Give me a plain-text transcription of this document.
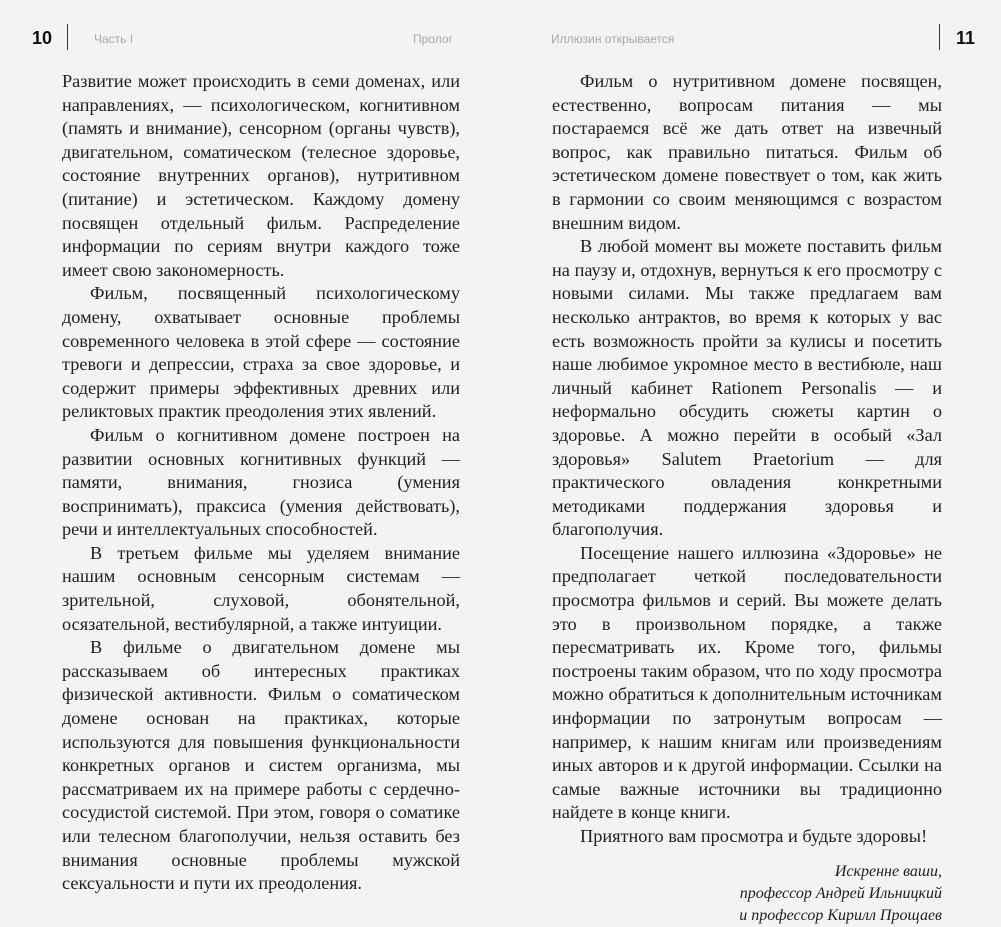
10	Часть I	Пролог	Иллюзин открывается	11

Развитие может происходить в семи доменах, или направлениях, — психологическом, когнитивном (память и внимание), сенсорном (органы чувств), двигательном, соматическом (телесное здоровье, состояние внутренних органов), нутритивном (питание) и эстетическом. Каждому домену посвящен отдельный фильм. Распределение информации по сериям внутри каждого тоже имеет свою закономерность.

Фильм, посвященный психологическому домену, охватывает основные проблемы современного человека в этой сфере — состояние тревоги и депрессии, страха за свое здоровье, и содержит примеры эффективных древних или реликтовых практик преодоления этих явлений.

Фильм о когнитивном домене построен на развитии основных когнитивных функций — памяти, внимания, гнозиса (умения воспринимать), праксиса (умения действовать), речи и интеллектуальных способностей.

В третьем фильме мы уделяем внимание нашим основным сенсорным системам — зрительной, слуховой, обонятельной, осязательной, вестибулярной, а также интуиции.

В фильме о двигательном домене мы рассказываем об интересных практиках физической активности. Фильм о соматическом домене основан на практиках, которые используются для повышения функциональности конкретных органов и систем организма, мы рассматриваем их на примере работы с сердечно-сосудистой системой. При этом, говоря о соматике или телесном благополучии, нельзя оставить без внимания основные проблемы мужской сексуальности и пути их преодоления.

Фильм о нутритивном домене посвящен, естественно, вопросам питания — мы постараемся всё же дать ответ на извечный вопрос, как правильно питаться. Фильм об эстетическом домене повествует о том, как жить в гармонии со своим меняющимся с возрастом внешним видом.

В любой момент вы можете поставить фильм на паузу и, отдохнув, вернуться к его просмотру с новыми силами. Мы также предлагаем вам несколько антрактов, во время к которых у вас есть возможность пройти за кулисы и посетить наше любимое укромное место в вестибюле, наш личный кабинет Rationem Personalis — и неформально обсудить сюжеты картин о здоровье. А можно перейти в особый «Зал здоровья» Salutem Praetorium — для практического овладения конкретными методиками поддержания здоровья и благополучия.

Посещение нашего иллюзина «Здоровье» не предполагает четкой последовательности просмотра фильмов и серий. Вы можете делать это в произвольном порядке, а также пересматривать их. Кроме того, фильмы построены таким образом, что по ходу просмотра можно обратиться к дополнительным источникам информации по затронутым вопросам — например, к нашим книгам или произведениям иных авторов и к другой информации. Ссылки на самые важные источники вы традиционно найдете в конце книги.

Приятного вам просмотра и будьте здоровы!

Искренне ваши,
профессор Андрей Ильницкий
и профессор Кирилл Прощаев
